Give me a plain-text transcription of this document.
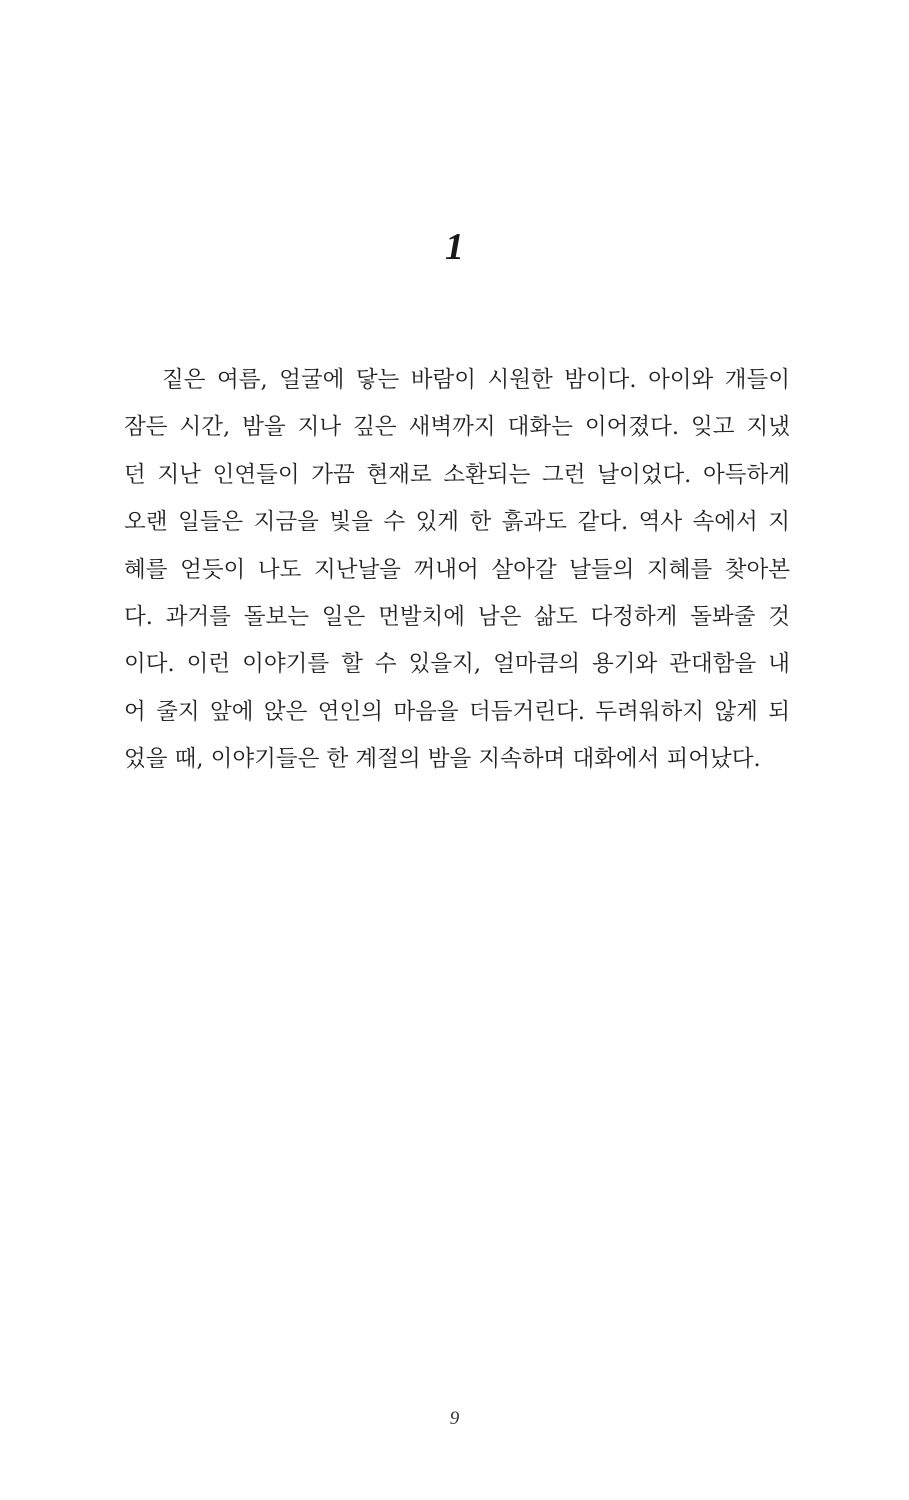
1
짙은 여름, 얼굴에 닿는 바람이 시원한 밤이다. 아이와 개들이
잠든 시간, 밤을 지나 깊은 새벽까지 대화는 이어졌다. 잊고 지냈
던 지난 인연들이 가끔 현재로 소환되는 그런 날이었다. 아득하게
오랜 일들은 지금을 빛을 수 있게 한 흙과도 같다. 역사 속에서 지
혜를 얻듯이 나도 지난날을 꺼내어 살아갈 날들의 지혜를 찾아본
다. 과거를 돌보는 일은 먼발치에 남은 삶도 다정하게 돌봐줄 것
이다. 이런 이야기를 할 수 있을지, 얼마큼의 용기와 관대함을 내
어 줄지 앞에 앉은 연인의 마음을 더듬거린다. 두려워하지 않게 되
었을 때, 이야기들은 한 계절의 밤을 지속하며 대화에서 피어났다.
9
